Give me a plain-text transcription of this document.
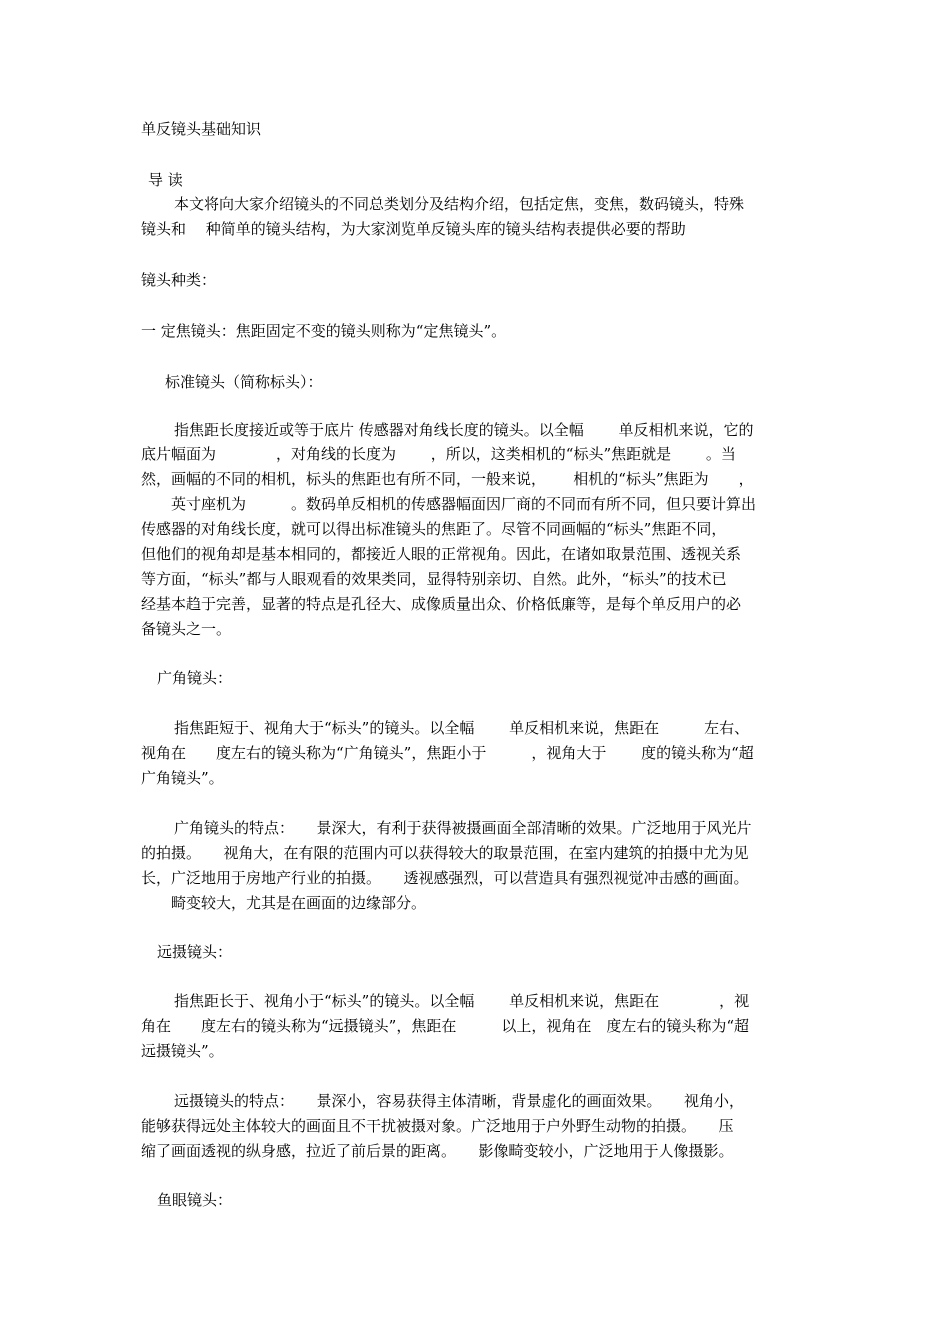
单反镜头基础知识
导 读
本文将向大家介绍镜头的不同总类划分及结构介绍，包括定焦，变焦，数码镜头，特殊
镜头和　 种简单的镜头结构，为大家浏览单反镜头库的镜头结构表提供必要的帮助
镜头种类：
一 定焦镜头：焦距固定不变的镜头则称为“定焦镜头”。
标准镜头（简称标头）：
指焦距长度接近或等于底片 传感器对角线长度的镜头。以全幅　　 单反相机来说，它的
底片幅面为　　　　，对角线的长度为　　 ，所以，这类相机的“标头”焦距就是　　 。当
然，画幅的不同的相机，标头的焦距也有所不同，一般来说，　　 相机的“标头”焦距为　　，
　　英寸座机为　　　。数码单反相机的传感器幅面因厂商的不同而有所不同，但只要计算出
传感器的对角线长度，就可以得出标准镜头的焦距了。尽管不同画幅的“标头”焦距不同，
但他们的视角却是基本相同的，都接近人眼的正常视角。因此，在诸如取景范围、透视关系
等方面，“标头”都与人眼观看的效果类同，显得特别亲切、自然。此外，“标头”的技术已
经基本趋于完善，显著的特点是孔径大、成像质量出众、价格低廉等，是每个单反用户的必
备镜头之一。
广角镜头：
指焦距短于、视角大于“标头”的镜头。以全幅　　 单反相机来说，焦距在　　　左右、
视角在　　度左右的镜头称为“广角镜头”，焦距小于　　　，视角大于　　 度的镜头称为“超
广角镜头”。
广角镜头的特点：　　景深大，有利于获得被摄画面全部清晰的效果。广泛地用于风光片
的拍摄。　　视角大，在有限的范围内可以获得较大的取景范围，在室内建筑的拍摄中尤为见
长，广泛地用于房地产行业的拍摄。　　透视感强烈，可以营造具有强烈视觉冲击感的画面。
　　畸变较大，尤其是在画面的边缘部分。
远摄镜头：
指焦距长于、视角小于“标头”的镜头。以全幅　　 单反相机来说，焦距在　　　　，视
角在　　度左右的镜头称为“远摄镜头”，焦距在　　　以上，视角在　度左右的镜头称为“超
远摄镜头”。
远摄镜头的特点：　　景深小，容易获得主体清晰，背景虚化的画面效果。　　视角小，
能够获得远处主体较大的画面且不干扰被摄对象。广泛地用于户外野生动物的拍摄。　　压
缩了画面透视的纵身感，拉近了前后景的距离。　　影像畸变较小，广泛地用于人像摄影。
鱼眼镜头：
